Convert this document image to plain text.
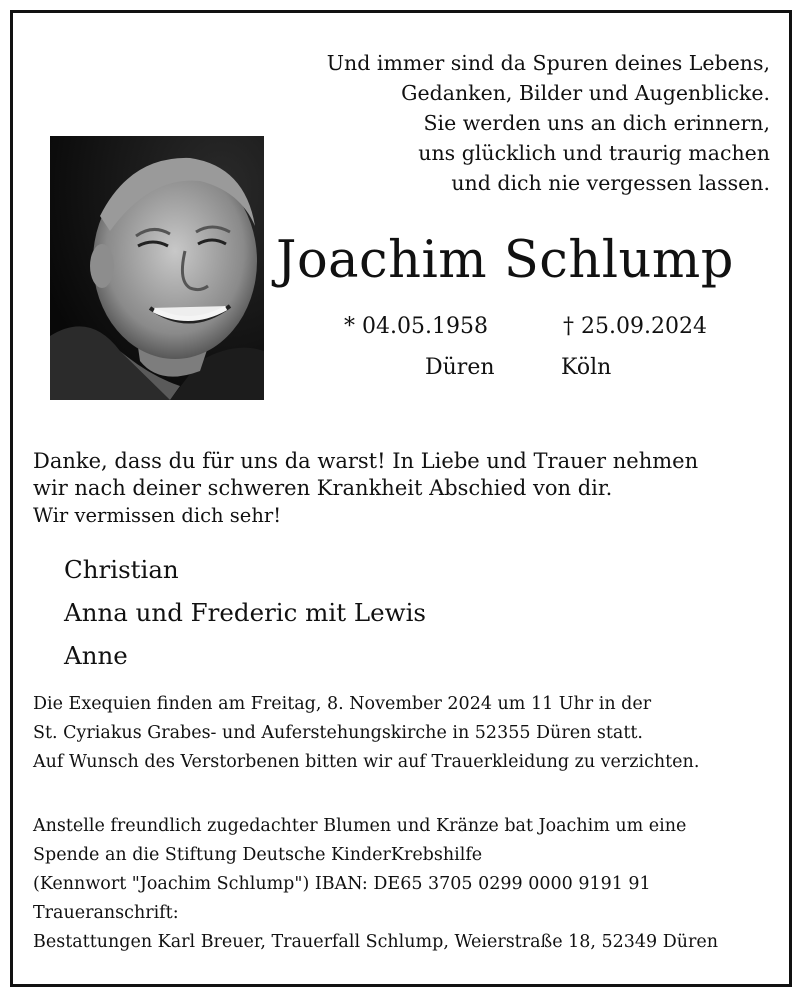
Und immer sind da Spuren deines Lebens,
Gedanken, Bilder und Augenblicke.
Sie werden uns an dich erinnern,
uns glücklich und traurig machen
und dich nie vergessen lassen.
Joachim Schlump
* 04.05.1958	† 25.09.2024
Düren	Köln
Danke, dass du für uns da warst! In Liebe und Trauer nehmen
wir nach deiner schweren Krankheit Abschied von dir.
Wir vermissen dich sehr!
Christian
Anna und Frederic mit Lewis
Anne
Die Exequien finden am Freitag, 8. November 2024 um 11 Uhr in der
St. Cyriakus Grabes- und Auferstehungskirche in 52355 Düren statt.
Auf Wunsch des Verstorbenen bitten wir auf Trauerkleidung zu verzichten.
Anstelle freundlich zugedachter Blumen und Kränze bat Joachim um eine
Spende an die Stiftung Deutsche KinderKrebshilfe
(Kennwort "Joachim Schlump") IBAN: DE65 3705 0299 0000 9191 91
Traueranschrift:
Bestattungen Karl Breuer, Trauerfall Schlump, Weierstraße 18, 52349 Düren
